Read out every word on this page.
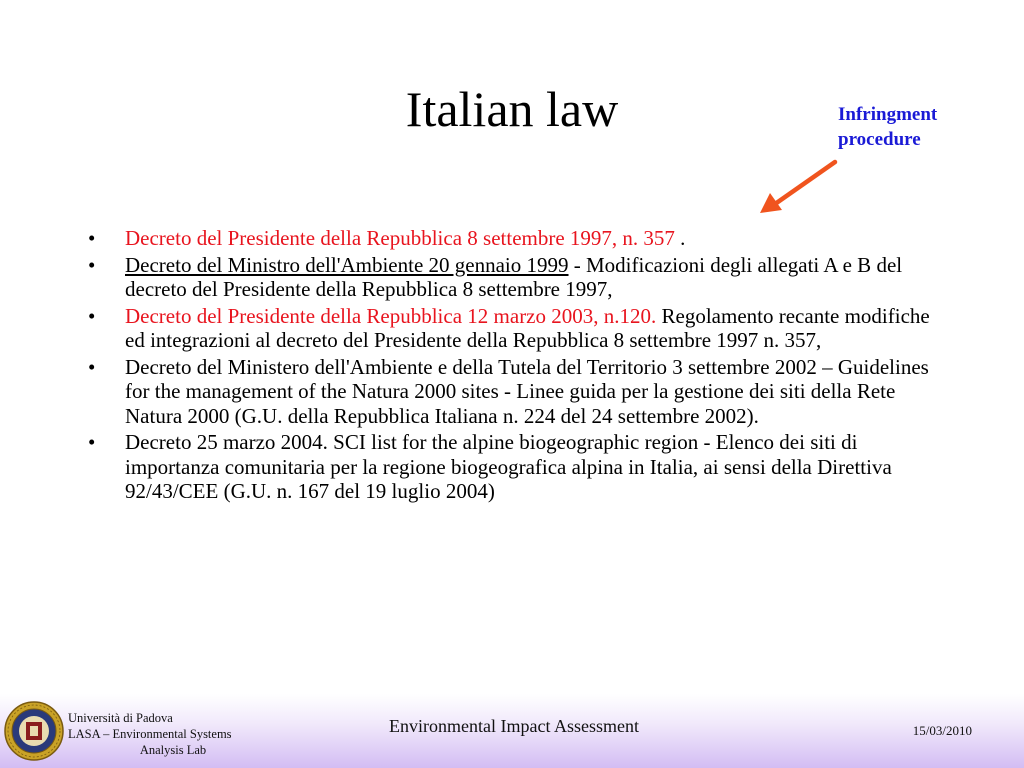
Italian law	Infringment
procedure
• Decreto del Presidente della Repubblica 8 settembre 1997, n. 357 .
• Decreto del Ministro dell'Ambiente 20 gennaio 1999 - Modificazioni degli allegati A e B del decreto del Presidente della Repubblica 8 settembre 1997,
• Decreto del Presidente della Repubblica 12 marzo 2003, n.120. Regolamento recante modifiche ed integrazioni al decreto del Presidente della Repubblica 8 settembre 1997 n. 357,
• Decreto del Ministero dell'Ambiente e della Tutela del Territorio 3 settembre 2002 – Guidelines for the management of the Natura 2000 sites - Linee guida per la gestione dei siti della Rete Natura 2000 (G.U. della Repubblica Italiana n. 224 del 24 settembre 2002).
• Decreto 25 marzo 2004. SCI list for the alpine biogeographic region - Elenco dei siti di importanza comunitaria per la regione biogeografica alpina in Italia, ai sensi della Direttiva 92/43/CEE (G.U. n. 167 del 19 luglio 2004)
Università di Padova
LASA – Environmental Systems
Analysis Lab
Environmental Impact Assessment	15/03/2010
